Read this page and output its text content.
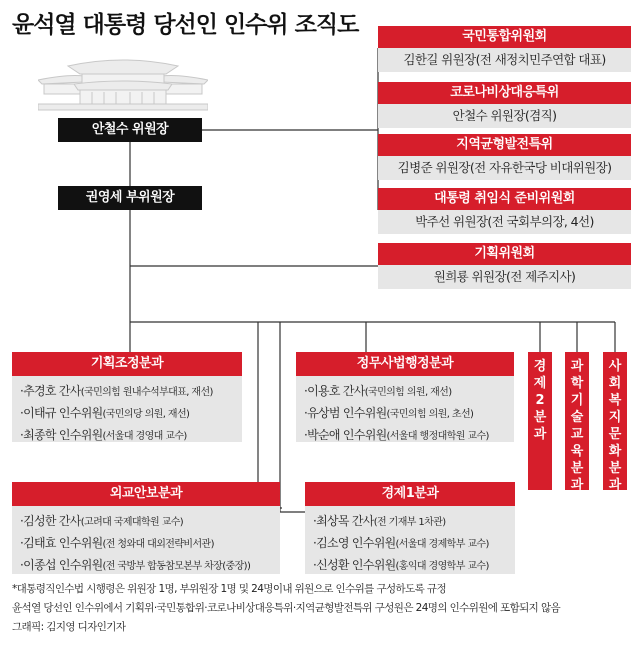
윤석열 대통령 당선인 인수위 조직도
안철수 위원장
권영세 부위원장
국민통합위원회
김한길 위원장(전 새정치민주연합 대표)
코로나비상대응특위
안철수 위원장(겸직)
지역균형발전특위
김병준 위원장(전 자유한국당 비대위원장)
대통령 취임식 준비위원회
박주선 위원장(전 국회부의장, 4선)
기획위원회
원희룡 위원장(전 제주지사)
기획조정분과
·추경호 간사(국민의힘 원내수석부대표, 재선)
·이태규 인수위원(국민의당 의원, 재선)
·최종학 인수위원(서울대 경영대 교수)
정무사법행정분과
·이용호 간사(국민의힘 의원, 재선)
·유상범 인수위원(국민의힘 의원, 초선)
·박순애 인수위원(서울대 행정대학원 교수)
외교안보분과
·김성한 간사(고려대 국제대학원 교수)
·김태효 인수위원(전 청와대 대외전략비서관)
·이종섭 인수위원(전 국방부 합동참모본부 차장(중장))
경제1분과
·최상목 간사(전 기재부 1차관)
·김소영 인수위원(서울대 경제학부 교수)
·신성환 인수위원(홍익대 경영학부 교수)
경
제
2
분
과
과
학
기
술
교
육
분
과
사
회
복
지
문
화
분
과
*대통령직인수법 시행령은 위원장 1명, 부위원장 1명 및 24명이내 위원으로 인수위를 구성하도록 규정
윤석열 당선인 인수위에서 기획위·국민통합위·코로나비상대응특위·지역균형발전특위 구성원은 24명의 인수위원에 포함되지 않음
그래픽: 김지영 디자인기자
